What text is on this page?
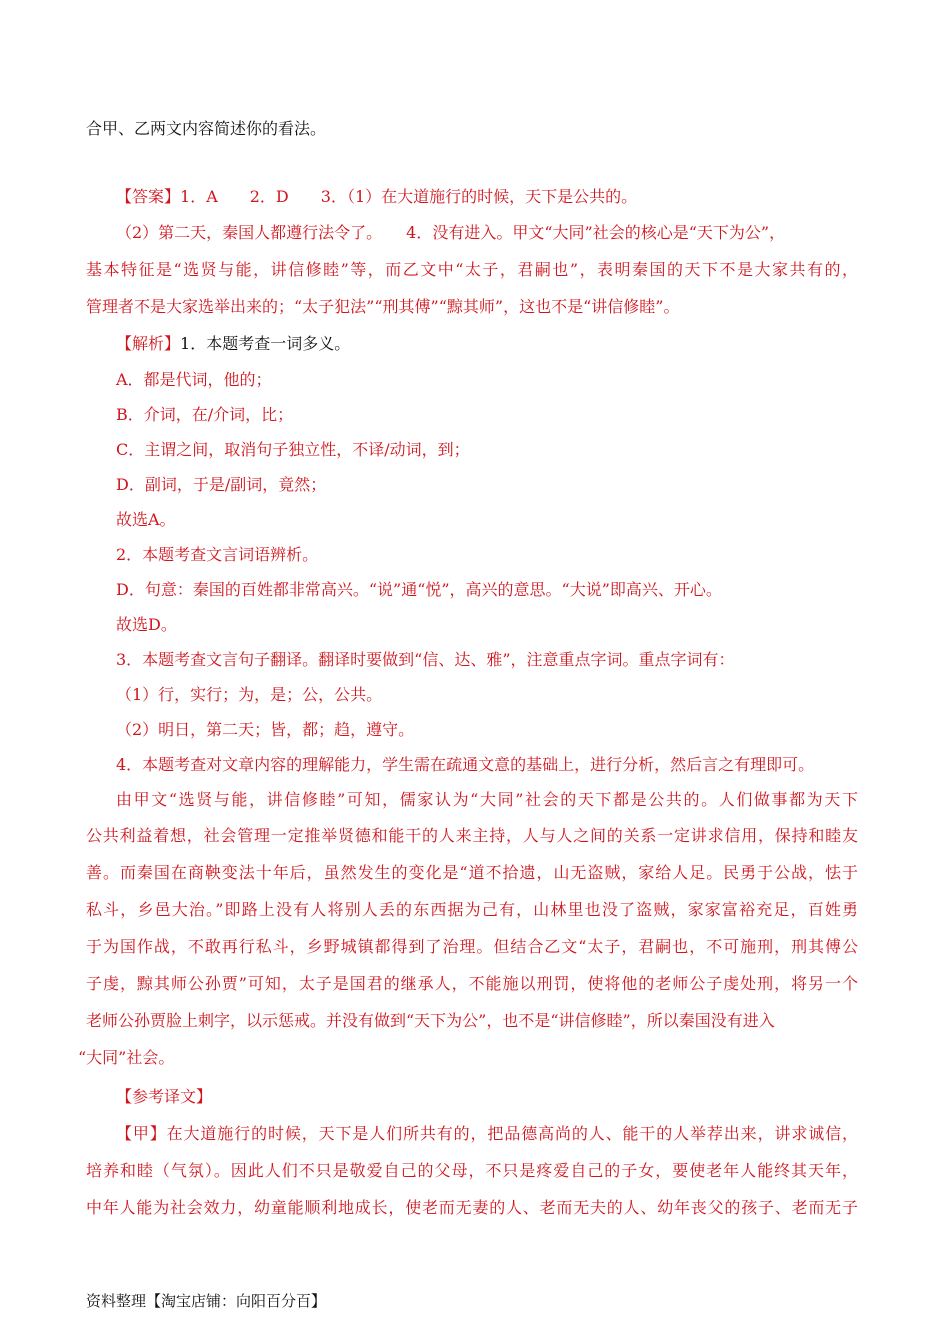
合甲、乙两文内容简述你的看法。
【答案】1．A　　2．D　　3．（1）在大道施行的时候，天下是公共的。
（2）第二天，秦国人都遵行法令了。　　4．没有进入。甲文“大同”社会的核心是“天下为公”，
基本特征是“选贤与能，讲信修睦”等，而乙文中“太子，君嗣也”，表明秦国的天下不是大家共有的，
管理者不是大家选举出来的；“太子犯法”“刑其傅”“黥其师”，这也不是“讲信修睦”。
【解析】1．本题考查一词多义。
A．都是代词，他的；
B．介词，在/介词，比；
C．主谓之间，取消句子独立性，不译/动词，到；
D．副词，于是/副词，竟然；
故选A。
2．本题考查文言词语辨析。
D．句意：秦国的百姓都非常高兴。“说”通“悦”，高兴的意思。“大说”即高兴、开心。
故选D。
3．本题考查文言句子翻译。翻译时要做到“信、达、雅”，注意重点字词。重点字词有：
（1）行，实行；为，是；公，公共。
（2）明日，第二天；皆，都；趋，遵守。
4．本题考查对文章内容的理解能力，学生需在疏通文意的基础上，进行分析，然后言之有理即可。
由甲文“选贤与能，讲信修睦”可知，儒家认为“大同”社会的天下都是公共的。人们做事都为天下
公共利益着想，社会管理一定推举贤德和能干的人来主持，人与人之间的关系一定讲求信用，保持和睦友
善。而秦国在商鞅变法十年后，虽然发生的变化是“道不拾遗，山无盗贼，家给人足。民勇于公战，怯于
私斗，乡邑大治。”即路上没有人将别人丢的东西据为己有，山林里也没了盗贼，家家富裕充足，百姓勇
于为国作战，不敢再行私斗，乡野城镇都得到了治理。但结合乙文“太子，君嗣也，不可施刑，刑其傅公
子虔，黥其师公孙贾”可知，太子是国君的继承人，不能施以刑罚，使将他的老师公子虔处刑，将另一个
老师公孙贾脸上刺字，以示惩戒。并没有做到“天下为公”，也不是“讲信修睦”，所以秦国没有进入
“大同”社会。
【参考译文】
【甲】在大道施行的时候，天下是人们所共有的，把品德高尚的人、能干的人举荐出来，讲求诚信，
培养和睦（气氛）。因此人们不只是敬爱自己的父母，不只是疼爱自己的子女，要使老年人能终其天年，
中年人能为社会效力，幼童能顺利地成长，使老而无妻的人、老而无夫的人、幼年丧父的孩子、老而无子
资料整理【淘宝店铺：向阳百分百】
